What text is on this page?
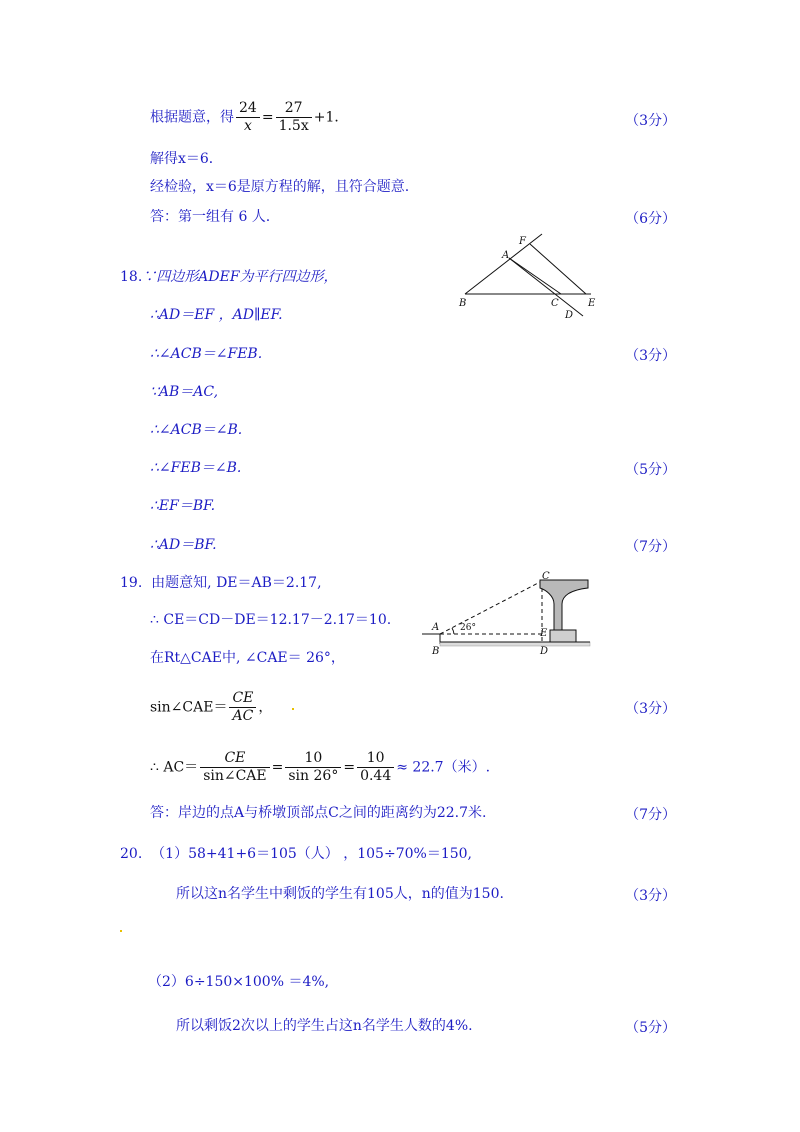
根据题意，得 $\frac{24}{x} = \frac{27}{1.5x} +1$．	（3分）
解得x＝6．
经检验，x＝6是原方程的解，且符合题意.
答：第一组有 6 人.	（6分）
18.∵四边形ADEF为平行四边形，
∴AD＝EF ，AD∥EF.
∴∠ACB＝∠FEB.	（3分）
∵AB＝AC,
∴∠ACB＝∠B.
∴∠FEB＝∠B.	（5分）
∴EF＝BF.
∴AD＝BF.	（7分）
A
F
B	C
D
E
19. 由题意知, DE＝AB＝2.17,
∴ CE＝CD－DE＝12.17－2.17＝10.
在Rt△CAE中, ∠CAE＝ 26°，
sin∠CAE＝ $\frac{CE}{AC}$ ，	（3分）
∴ $AC= \frac{CE}{\text{sin∠CAE}} = \frac{10}{\sin 26^\circ} = \frac{10}{0.44} \approx 22.7$（米）.
答：岸边的点A与桥墩顶部点C之间的距离约为22.7米.	（7分）
C
A
B
E
D
26°
20. （1）58+41+6＝105（人） ，105÷70%＝150,
所以这n名学生中剩饭的学生有105人，n的值为150.	（3分）
（2）6÷150×100% ＝4%,
所以剩饭2次以上的学生占这n名学生人数的4%.	（5分）
